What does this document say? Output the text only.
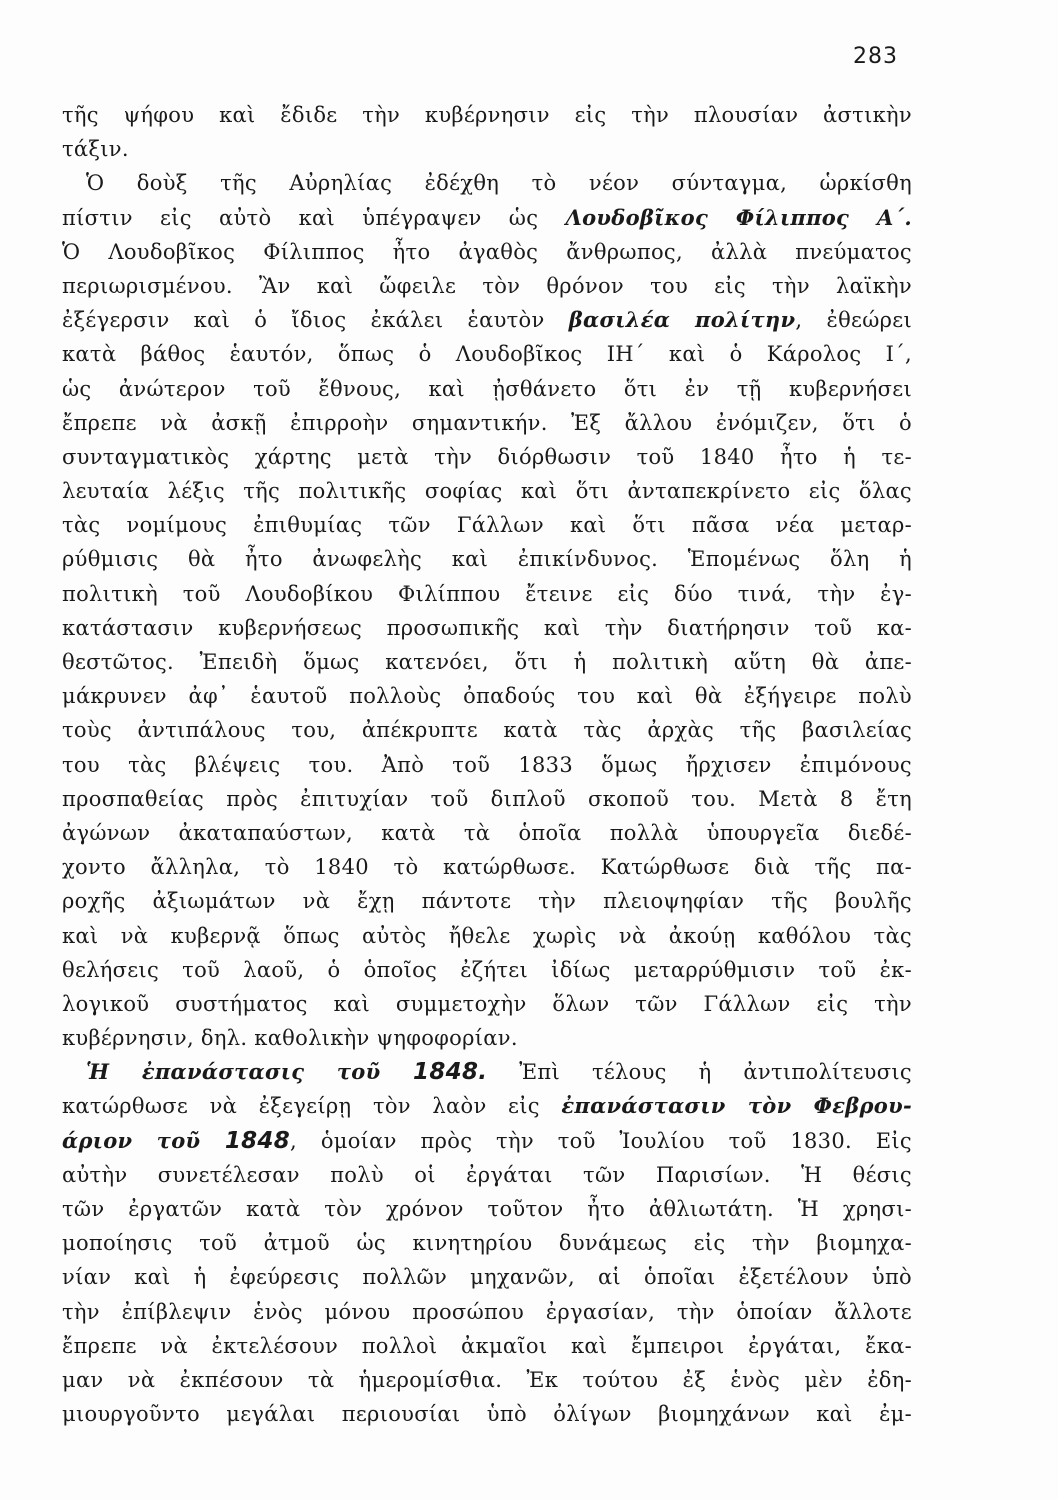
283
τῆς ψήφου καὶ ἔδιδε τὴν κυβέρνησιν εἰς τὴν πλουσίαν ἀστικὴν
τάξιν.
Ὁ δοὺξ τῆς Αὐρηλίας ἐδέχθη τὸ νέον σύνταγμα, ὡρκίσθη
πίστιν εἰς αὐτὸ καὶ ὑπέγραψεν ὡς Λουδοβῖκος Φίλιππος Α΄.
Ὁ Λουδοβῖκος Φίλιππος ἦτο ἀγαθὸς ἄνθρωπος, ἀλλὰ πνεύματος
περιωρισμένου. Ἂν καὶ ὤφειλε τὸν θρόνον του εἰς τὴν λαϊκὴν
ἐξέγερσιν καὶ ὁ ἴδιος ἐκάλει ἑαυτὸν βασιλέα πολίτην, ἐθεώρει
κατὰ βάθος ἑαυτόν, ὅπως ὁ Λουδοβῖκος ΙΗ΄ καὶ ὁ Κάρολος Ι΄,
ὡς ἀνώτερον τοῦ ἔθνους, καὶ ᾐσθάνετο ὅτι ἐν τῇ κυβερνήσει
ἔπρεπε νὰ ἀσκῇ ἐπιρροὴν σημαντικήν. Ἐξ ἄλλου ἐνόμιζεν, ὅτι ὁ
συνταγματικὸς χάρτης μετὰ τὴν διόρθωσιν τοῦ 1840 ἦτο ἡ τε-
λευταία λέξις τῆς πολιτικῆς σοφίας καὶ ὅτι ἀνταπεκρίνετο εἰς ὅλας
τὰς νομίμους ἐπιθυμίας τῶν Γάλλων καὶ ὅτι πᾶσα νέα μεταρ-
ρύθμισις θὰ ἦτο ἀνωφελὴς καὶ ἐπικίνδυνος. Ἑπομένως ὅλη ἡ
πολιτικὴ τοῦ Λουδοβίκου Φιλίππου ἔτεινε εἰς δύο τινά, τὴν ἐγ-
κατάστασιν κυβερνήσεως προσωπικῆς καὶ τὴν διατήρησιν τοῦ κα-
θεστῶτος. Ἐπειδὴ ὅμως κατενόει, ὅτι ἡ πολιτικὴ αὕτη θὰ ἀπε-
μάκρυνεν ἀφ᾽ ἑαυτοῦ πολλοὺς ὀπαδούς του καὶ θὰ ἐξήγειρε πολὺ
τοὺς ἀντιπάλους του, ἀπέκρυπτε κατὰ τὰς ἀρχὰς τῆς βασιλείας
του τὰς βλέψεις του. Ἀπὸ τοῦ 1833 ὅμως ἤρχισεν ἐπιμόνους
προσπαθείας πρὸς ἐπιτυχίαν τοῦ διπλοῦ σκοποῦ του. Μετὰ 8 ἔτη
ἀγώνων ἀκαταπαύστων, κατὰ τὰ ὁποῖα πολλὰ ὑπουργεῖα διεδέ-
χοντο ἄλληλα, τὸ 1840 τὸ κατώρθωσε. Κατώρθωσε διὰ τῆς πα-
ροχῆς ἀξιωμάτων νὰ ἔχῃ πάντοτε τὴν πλειοψηφίαν τῆς βουλῆς
καὶ νὰ κυβερνᾷ ὅπως αὐτὸς ἤθελε χωρὶς νὰ ἀκούῃ καθόλου τὰς
θελήσεις τοῦ λαοῦ, ὁ ὁποῖος ἐζήτει ἰδίως μεταρρύθμισιν τοῦ ἐκ-
λογικοῦ συστήματος καὶ συμμετοχὴν ὅλων τῶν Γάλλων εἰς τὴν
κυβέρνησιν, δηλ. καθολικὴν ψηφοφορίαν.
Ἡ ἐπανάστασις τοῦ 1848. Ἐπὶ τέλους ἡ ἀντιπολίτευσις
κατώρθωσε νὰ ἐξεγείρῃ τὸν λαὸν εἰς ἐπανάστασιν τὸν Φεβρου-
άριον τοῦ 1848, ὁμοίαν πρὸς τὴν τοῦ Ἰουλίου τοῦ 1830. Εἰς
αὐτὴν συνετέλεσαν πολὺ οἱ ἐργάται τῶν Παρισίων. Ἡ θέσις
τῶν ἐργατῶν κατὰ τὸν χρόνον τοῦτον ἦτο ἀθλιωτάτη. Ἡ χρησι-
μοποίησις τοῦ ἀτμοῦ ὡς κινητηρίου δυνάμεως εἰς τὴν βιομηχα-
νίαν καὶ ἡ ἐφεύρεσις πολλῶν μηχανῶν, αἱ ὁποῖαι ἐξετέλουν ὑπὸ
τὴν ἐπίβλεψιν ἑνὸς μόνου προσώπου ἐργασίαν, τὴν ὁποίαν ἄλλοτε
ἔπρεπε νὰ ἐκτελέσουν πολλοὶ ἀκμαῖοι καὶ ἔμπειροι ἐργάται, ἔκα-
μαν νὰ ἐκπέσουν τὰ ἡμερομίσθια. Ἐκ τούτου ἐξ ἑνὸς μὲν ἐδη-
μιουργοῦντο μεγάλαι περιουσίαι ὑπὸ ὀλίγων βιομηχάνων καὶ ἐμ-
